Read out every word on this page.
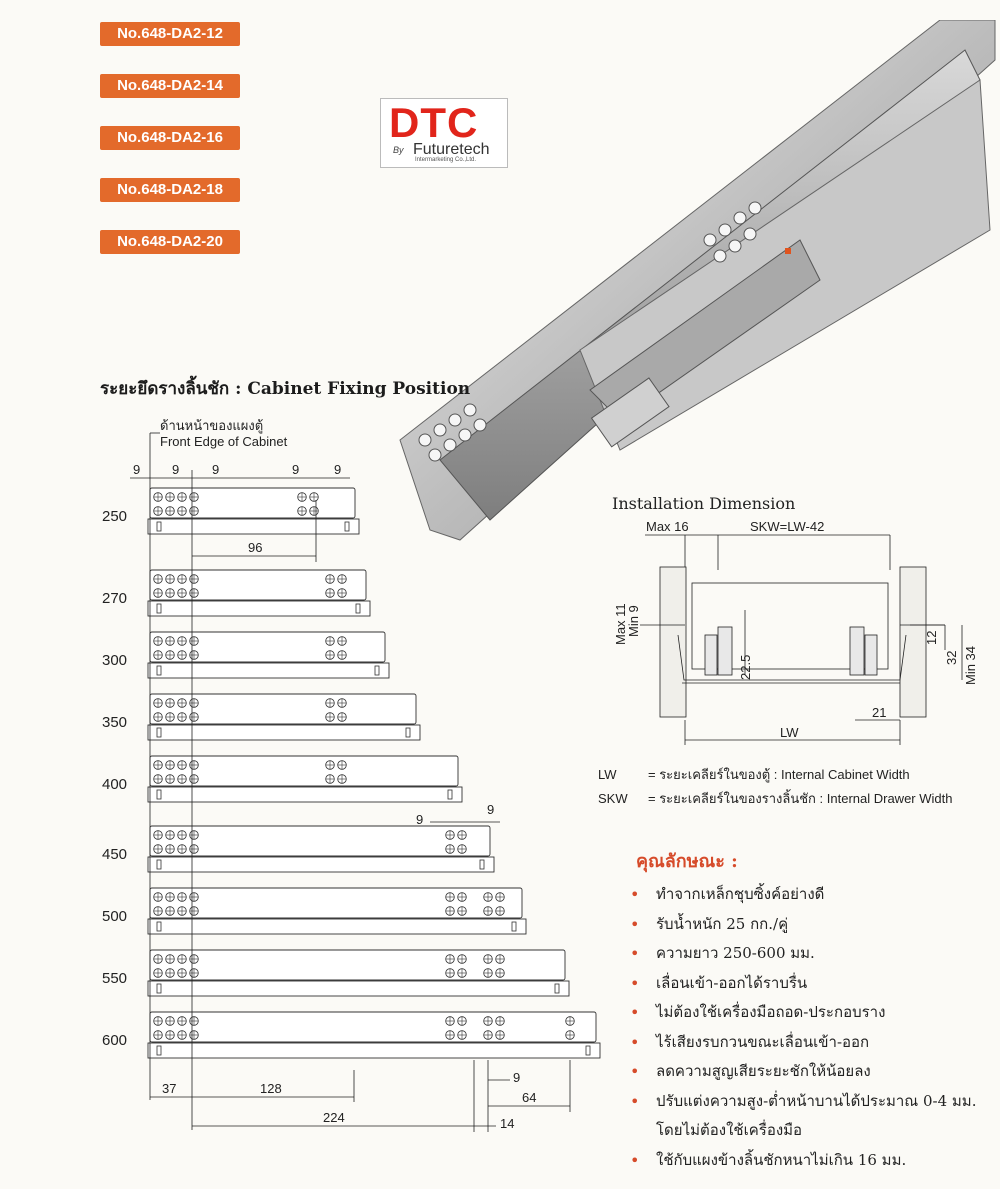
No.648-DA2-12
No.648-DA2-14
No.648-DA2-16
No.648-DA2-18
No.648-DA2-20
DTC
By Futuretech
Intermarketing Co.,Ltd.
ระยะยึดรางลิ้นชัก : Cabinet Fixing Position
ด้านหน้าของแผงตู้
Front Edge of Cabinet
250
270
300
350
400
450
500
550
600
9 9	9	9	9
96
9
9
37	128
224
9
64
14
Installation Dimension
Max 16	SKW=LW-42
22.5
12
32 Min 34
21
LW
Max 11
Min 9
LW = ระยะเคลียร์ในของตู้ : Internal Cabinet Width
SKW = ระยะเคลียร์ในของรางลิ้นชัก : Internal Drawer Width
คุณลักษณะ :
• ทำจากเหล็กชุบซิ้งค์อย่างดี
• รับน้ำหนัก 25 กก./คู่
• ความยาว 250-600 มม.
• เลื่อนเข้า-ออกได้ราบรื่น
• ไม่ต้องใช้เครื่องมือถอด-ประกอบราง
• ไร้เสียงรบกวนขณะเลื่อนเข้า-ออก
• ลดความสูญเสียระยะชักให้น้อยลง
• ปรับแต่งความสูง-ต่ำหน้าบานได้ประมาณ 0-4 มม.
โดยไม่ต้องใช้เครื่องมือ
• ใช้กับแผงข้างลิ้นชักหนาไม่เกิน 16 มม.
